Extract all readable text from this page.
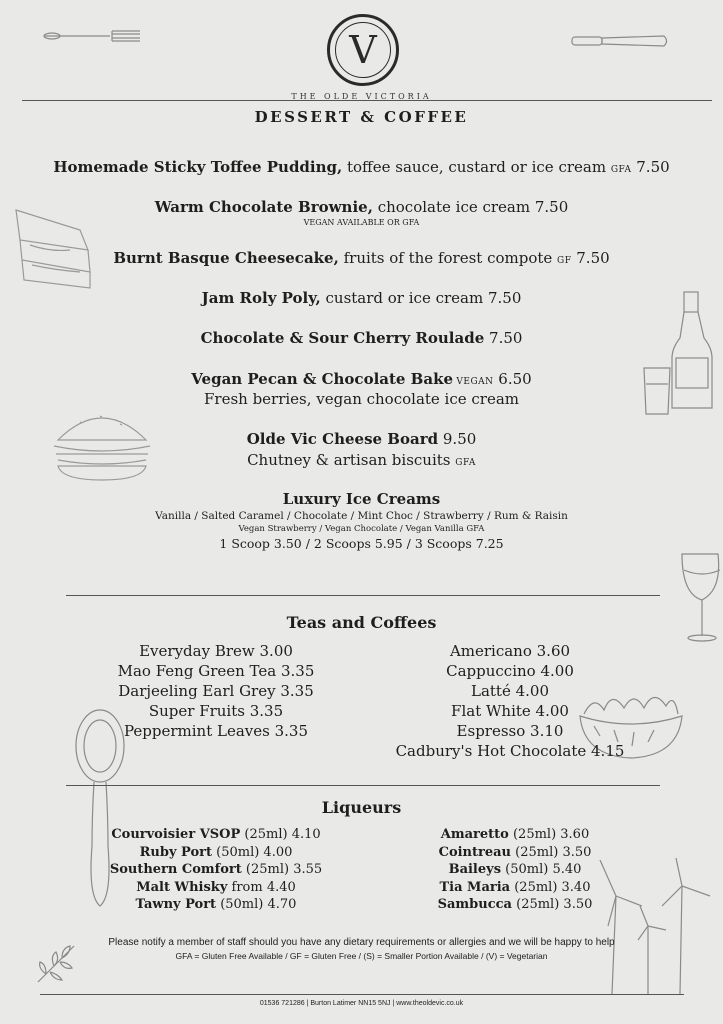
V
THE OLDE VICTORIA
DESSERT & COFFEE
Homemade Sticky Toffee Pudding, toffee sauce, custard or ice cream GFA 7.50
Warm Chocolate Brownie, chocolate ice cream 7.50
VEGAN AVAILABLE OR GFA
Burnt Basque Cheesecake, fruits of the forest compote GF 7.50
Jam Roly Poly, custard or ice cream 7.50
Chocolate & Sour Cherry Roulade 7.50
Vegan Pecan & Chocolate Bake VEGAN 6.50
Fresh berries, vegan chocolate ice cream
Olde Vic Cheese Board 9.50
Chutney & artisan biscuits GFA
Luxury Ice Creams
Vanilla / Salted Caramel / Chocolate / Mint Choc / Strawberry / Rum & Raisin
Vegan Strawberry / Vegan Chocolate / Vegan Vanilla GFA
1 Scoop 3.50 / 2 Scoops 5.95 / 3 Scoops 7.25
Teas and Coffees
Everyday Brew 3.00
Mao Feng Green Tea 3.35
Darjeeling Earl Grey 3.35
Super Fruits 3.35
Peppermint Leaves 3.35
Americano 3.60
Cappuccino 4.00
Latté 4.00
Flat White 4.00
Espresso 3.10
Cadbury's Hot Chocolate 4.15
Liqueurs
Courvoisier VSOP (25ml) 4.10
Ruby Port (50ml) 4.00
Southern Comfort (25ml) 3.55
Malt Whisky from 4.40
Tawny Port (50ml) 4.70
Amaretto (25ml) 3.60
Cointreau (25ml) 3.50
Baileys (50ml) 5.40
Tia Maria (25ml) 3.40
Sambucca (25ml) 3.50
Please notify a member of staff should you have any dietary requirements or allergies and we will be happy to help
GFA = Gluten Free Available / GF = Gluten Free / (S) = Smaller Portion Available / (V) = Vegetarian
01536 721286 | Burton Latimer NN15 5NJ | www.theoldevic.co.uk
